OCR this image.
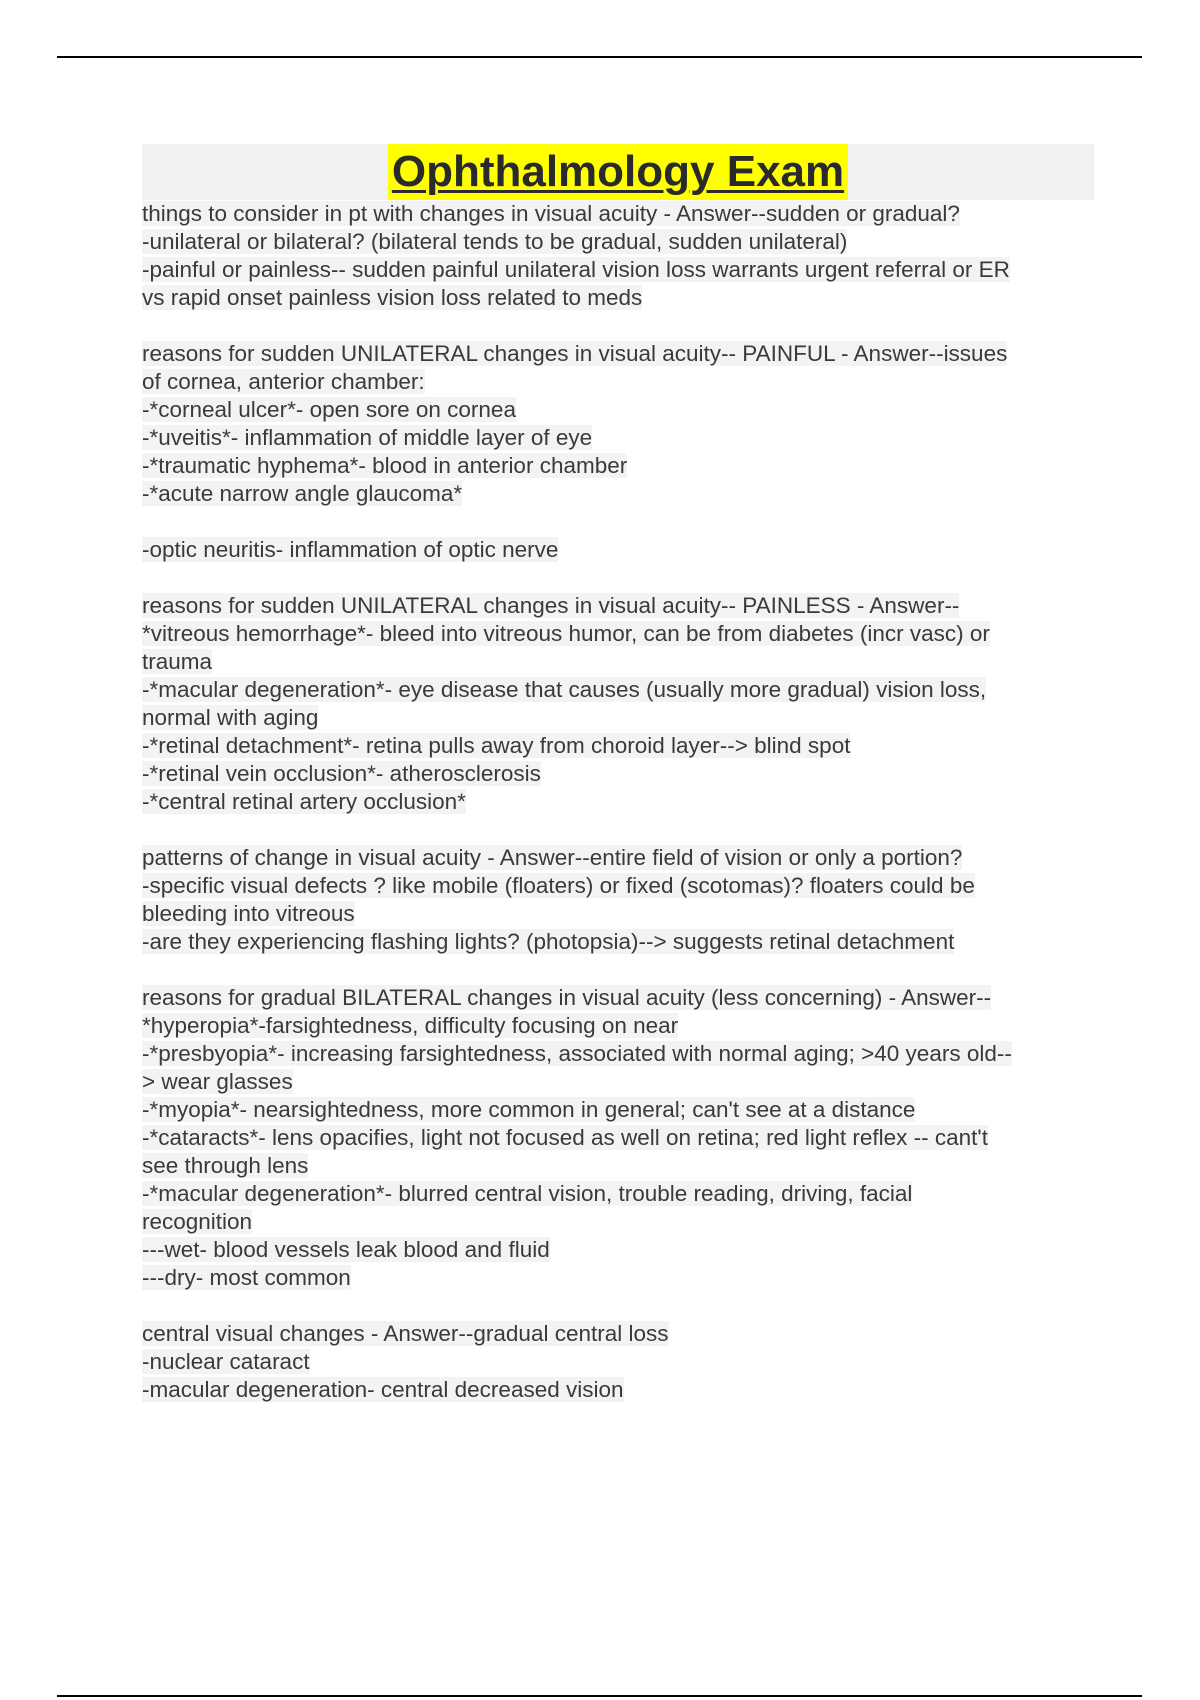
Ophthalmology Exam
things to consider in pt with changes in visual acuity - Answer--sudden or gradual?
-unilateral or bilateral? (bilateral tends to be gradual, sudden unilateral)
-painful or painless-- sudden painful unilateral vision loss warrants urgent referral or ER
vs rapid onset painless vision loss related to meds
reasons for sudden UNILATERAL changes in visual acuity-- PAINFUL - Answer--issues
of cornea, anterior chamber:
-*corneal ulcer*- open sore on cornea
-*uveitis*- inflammation of middle layer of eye
-*traumatic hyphema*- blood in anterior chamber
-*acute narrow angle glaucoma*
-optic neuritis- inflammation of optic nerve
reasons for sudden UNILATERAL changes in visual acuity-- PAINLESS - Answer--
*vitreous hemorrhage*- bleed into vitreous humor, can be from diabetes (incr vasc) or
trauma
-*macular degeneration*- eye disease that causes (usually more gradual) vision loss,
normal with aging
-*retinal detachment*- retina pulls away from choroid layer--> blind spot
-*retinal vein occlusion*- atherosclerosis
-*central retinal artery occlusion*
patterns of change in visual acuity - Answer--entire field of vision or only a portion?
-specific visual defects ? like mobile (floaters) or fixed (scotomas)? floaters could be
bleeding into vitreous
-are they experiencing flashing lights? (photopsia)--> suggests retinal detachment
reasons for gradual BILATERAL changes in visual acuity (less concerning) - Answer--
*hyperopia*-farsightedness, difficulty focusing on near
-*presbyopia*- increasing farsightedness, associated with normal aging; >40 years old--
> wear glasses
-*myopia*- nearsightedness, more common in general; can't see at a distance
-*cataracts*- lens opacifies, light not focused as well on retina; red light reflex -- cant't
see through lens
-*macular degeneration*- blurred central vision, trouble reading, driving, facial
recognition
---wet- blood vessels leak blood and fluid
---dry- most common
central visual changes - Answer--gradual central loss
-nuclear cataract
-macular degeneration- central decreased vision
